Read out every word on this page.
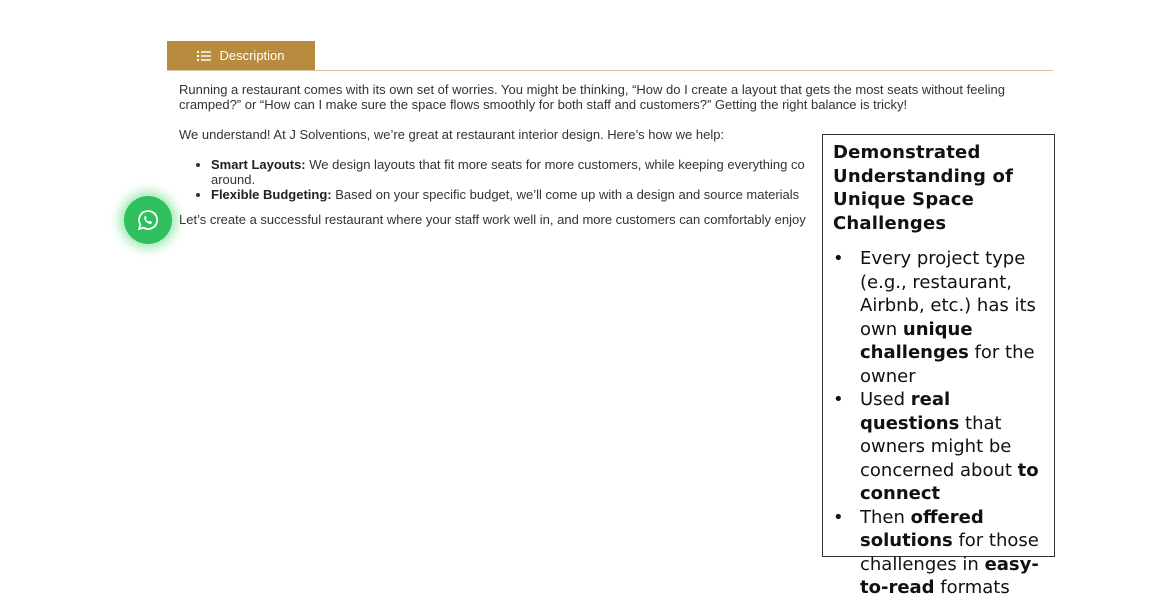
Description

Running a restaurant comes with its own set of worries. You might be thinking, “How do I create a layout that gets the most seats without feeling cramped?” or “How can I make sure the space flows smoothly for both staff and customers?” Getting the right balance is tricky!

We understand! At J Solventions, we’re great at restaurant interior design. Here’s how we help:

• Smart Layouts: We design layouts that fit more seats for more customers, while keeping everything co
around.
• Flexible Budgeting: Based on your specific budget, we’ll come up with a design and source materials

Let’s create a successful restaurant where your staff work well in, and more customers can comfortably enjoy

Demonstrated Understanding of Unique Space Challenges
• Every project type (e.g., restaurant, Airbnb, etc.) has its own unique challenges for the owner
• Used real questions that owners might be concerned about to connect
• Then offered solutions for those challenges in easy-to-read formats
